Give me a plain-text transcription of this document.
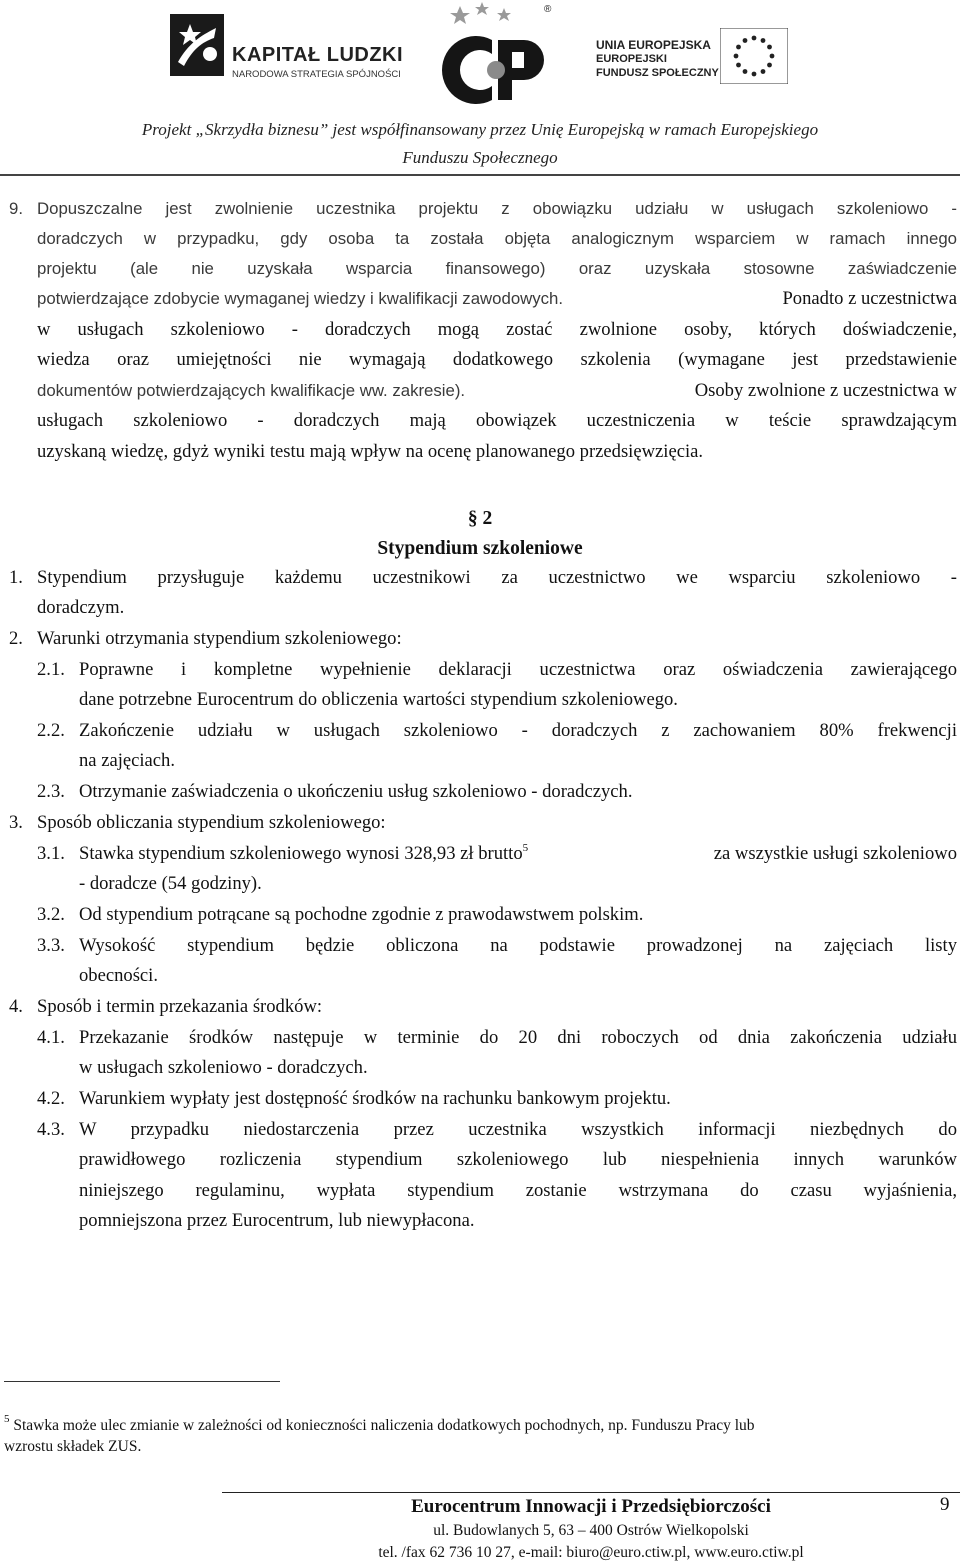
KAPITAŁ LUDZKI
NARODOWA STRATEGIA SPÓJNOŚCI
®
UNIA EUROPEJSKA
EUROPEJSKI
FUNDUSZ SPOŁECZNY
Projekt „Skrzydła biznesu” jest współfinansowany przez Unię Europejską w ramach Europejskiego
Funduszu Społecznego
9. Dopuszczalne jest zwolnienie uczestnika projektu z obowiązku udziału w usługach szkoleniowo -
doradczych w przypadku, gdy osoba ta została objęta analogicznym wsparciem w ramach innego
projektu (ale nie uzyskała wsparcia finansowego) oraz uzyskała stosowne zaświadczenie
potwierdzające zdobycie wymaganej wiedzy i kwalifikacji zawodowych.	Ponadto z uczestnictwa
w usługach szkoleniowo - doradczych mogą zostać zwolnione osoby, których doświadczenie,
wiedza oraz umiejętności nie wymagają dodatkowego szkolenia (wymagane jest przedstawienie
dokumentów potwierdzających kwalifikacje ww. zakresie).	Osoby zwolnione z uczestnictwa w
usługach szkoleniowo - doradczych mają obowiązek uczestniczenia w teście sprawdzającym
uzyskaną wiedzę, gdyż wyniki testu mają wpływ na ocenę planowanego przedsięwzięcia.
§ 2
Stypendium szkoleniowe
1. Stypendium przysługuje każdemu uczestnikowi za uczestnictwo we wsparciu szkoleniowo -
doradczym.
2. Warunki otrzymania stypendium szkoleniowego:
2.1. Poprawne i kompletne wypełnienie deklaracji uczestnictwa oraz oświadczenia zawierającego
dane potrzebne Eurocentrum do obliczenia wartości stypendium szkoleniowego.
2.2. Zakończenie udziału w usługach szkoleniowo - doradczych z zachowaniem 80% frekwencji
na zajęciach.
2.3. Otrzymanie zaświadczenia o ukończeniu usług szkoleniowo - doradczych.
3. Sposób obliczania stypendium szkoleniowego:
3.1. Stawka stypendium szkoleniowego wynosi 328,93 zł brutto$^5$	za wszystkie usługi szkoleniowo
- doradcze (54 godziny).
3.2. Od stypendium potrącane są pochodne zgodnie z prawodawstwem polskim.
3.3. Wysokość stypendium będzie obliczona na podstawie prowadzonej na zajęciach listy
obecności.
4. Sposób i termin przekazania środków:
4.1. Przekazanie środków następuje w terminie do 20 dni roboczych od dnia zakończenia udziału
w usługach szkoleniowo - doradczych.
4.2. Warunkiem wypłaty jest dostępność środków na rachunku bankowym projektu.
4.3. W przypadku niedostarczenia przez uczestnika wszystkich informacji niezbędnych do
prawidłowego rozliczenia stypendium szkoleniowego lub niespełnienia innych warunków
niniejszego regulaminu, wypłata stypendium zostanie wstrzymana do czasu wyjaśnienia,
pomniejszona przez Eurocentrum, lub niewypłacona.
$^5$ Stawka może ulec zmianie w zależności od konieczności naliczenia dodatkowych pochodnych, np. Funduszu Pracy lub
wzrostu składek ZUS.
Eurocentrum Innowacji i Przedsiębiorczości
ul. Budowlanych 5, 63 – 400 Ostrów Wielkopolski
tel. /fax 62 736 10 27, e-mail: biuro@euro.ctiw.pl, www.euro.ctiw.pl
9
